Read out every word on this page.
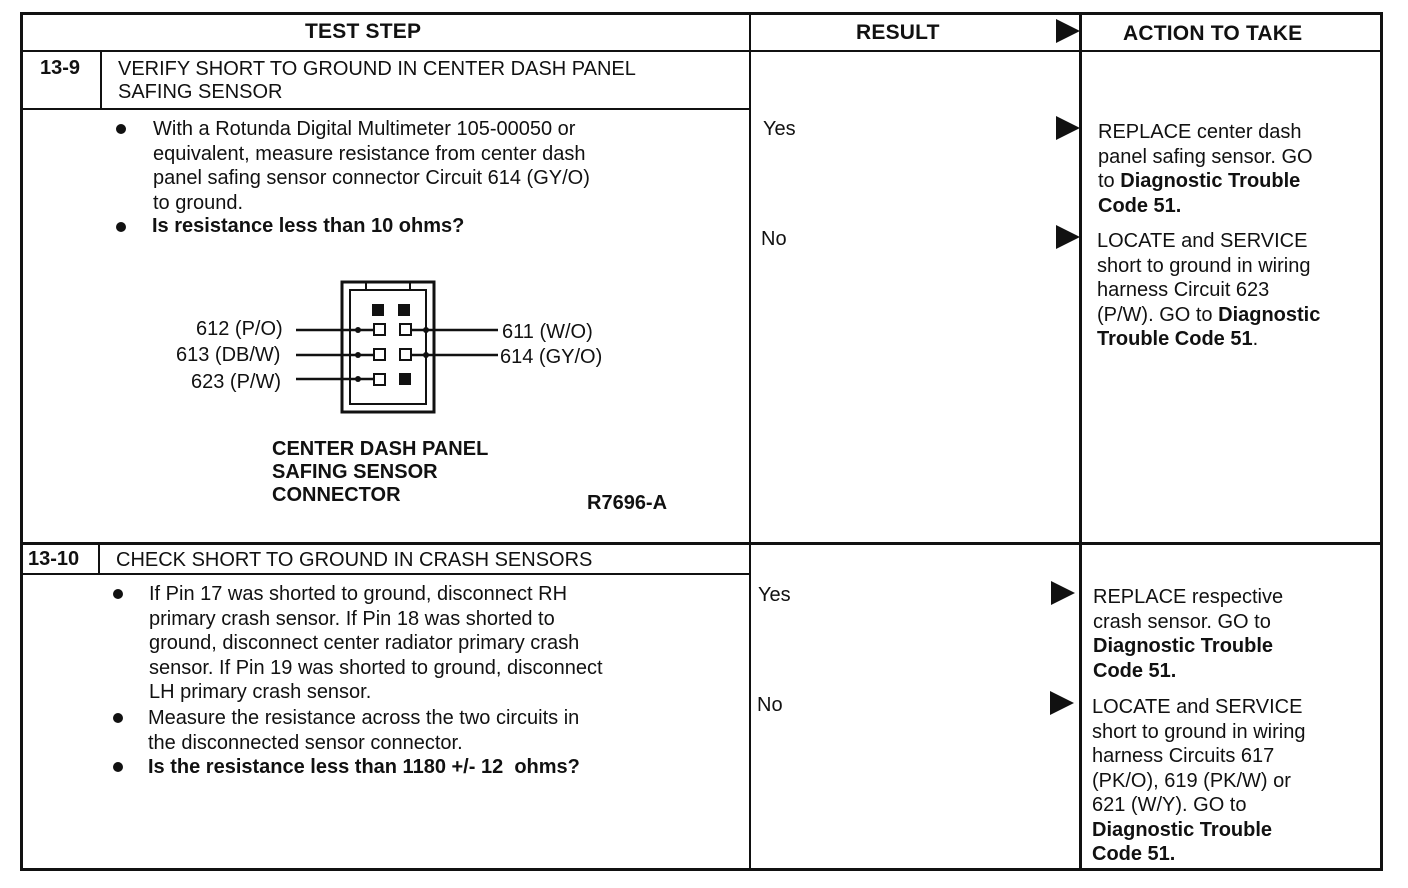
TEST STEP	RESULT	ACTION TO TAKE
13-9 VERIFY SHORT TO GROUND IN CENTER DASH PANEL
SAFING SENSOR
With a Rotunda Digital Multimeter 105-00050 or
equivalent, measure resistance from center dash
panel safing sensor connector Circuit 614 (GY/O)
to ground.
Is resistance less than 10 ohms?
612 (P/O)
613 (DB/W)
623 (P/W)
611 (W/O)
614 (GY/O)
CENTER DASH PANEL
SAFING SENSOR
CONNECTOR	R7696-A
Yes	REPLACE center dash
panel safing sensor. GO
to Diagnostic Trouble
Code 51.
No	LOCATE and SERVICE
short to ground in wiring
harness Circuit 623
(P/W). GO to Diagnostic
Trouble Code 51.
13-10 CHECK SHORT TO GROUND IN CRASH SENSORS
If Pin 17 was shorted to ground, disconnect RH
primary crash sensor. If Pin 18 was shorted to
ground, disconnect center radiator primary crash
sensor. If Pin 19 was shorted to ground, disconnect
LH primary crash sensor.
Measure the resistance across the two circuits in
the disconnected sensor connector.
Is the resistance less than 1180 +/- 12  ohms?
Yes	REPLACE respective
crash sensor. GO to
Diagnostic Trouble
Code 51.
No	LOCATE and SERVICE
short to ground in wiring
harness Circuits 617
(PK/O), 619 (PK/W) or
621 (W/Y). GO to
Diagnostic Trouble
Code 51.
